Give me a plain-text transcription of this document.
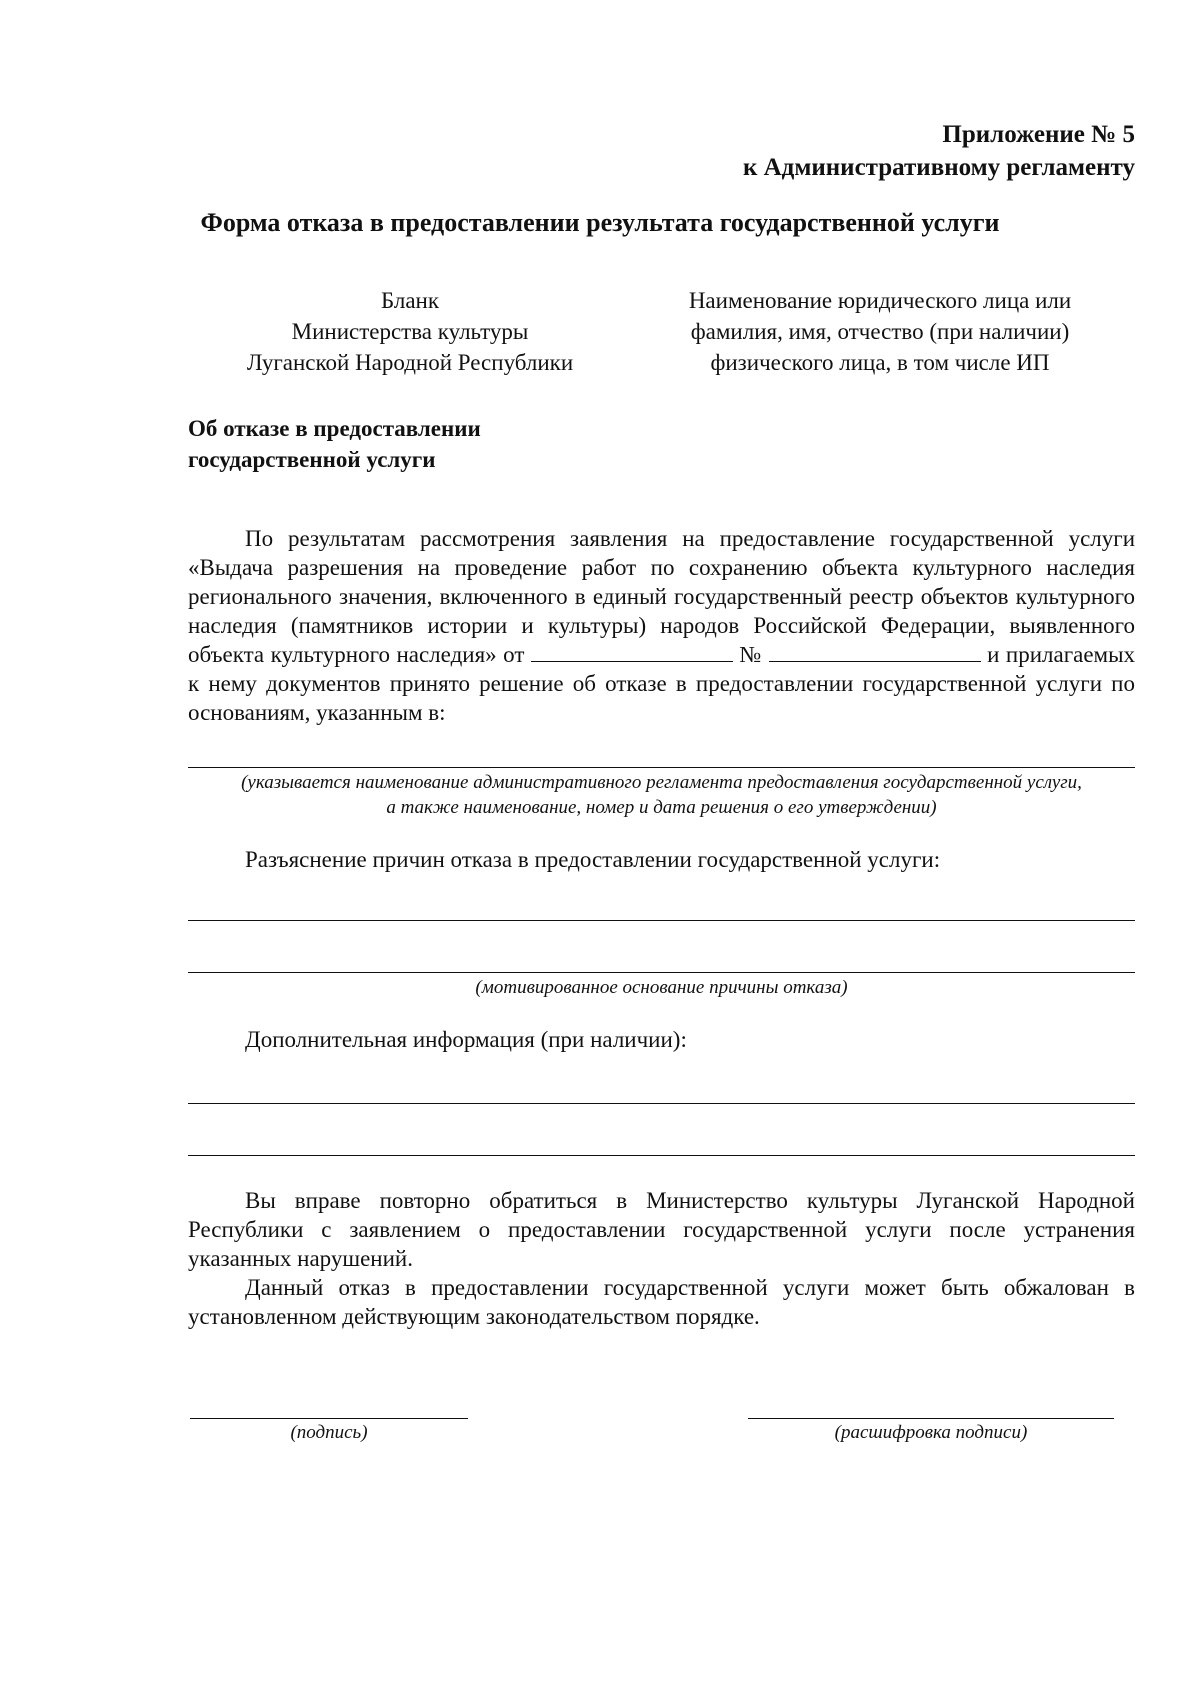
Приложение № 5
к Административному регламенту
Форма отказа в предоставлении результата государственной услуги
Бланк
Министерства культуры
Луганской Народной Республики
Наименование юридического лица или
фамилия, имя, отчество (при наличии)
физического лица, в том числе ИП
Об отказе в предоставлении
государственной услуги
По результатам рассмотрения заявления на предоставление государственной услуги «Выдача разрешения на проведение работ по сохранению объекта культурного наследия регионального значения, включенного в единый государственный реестр объектов культурного наследия (памятников истории и культуры) народов Российской Федерации, выявленного объекта культурного наследия» от	№	и прилагаемых к нему документов принято решение об отказе в предоставлении государственной услуги по основаниям, указанным в:
(указывается наименование административного регламента предоставления государственной услуги,
а также наименование, номер и дата решения о его утверждении)
Разъяснение причин отказа в предоставлении государственной услуги:
(мотивированное основание причины отказа)
Дополнительная информация (при наличии):
Вы вправе повторно обратиться в Министерство культуры Луганской Народной Республики с заявлением о предоставлении государственной услуги после устранения указанных нарушений.
Данный отказ в предоставлении государственной услуги может быть обжалован в установленном действующим законодательством порядке.
(подпись)	(расшифровка подписи)
